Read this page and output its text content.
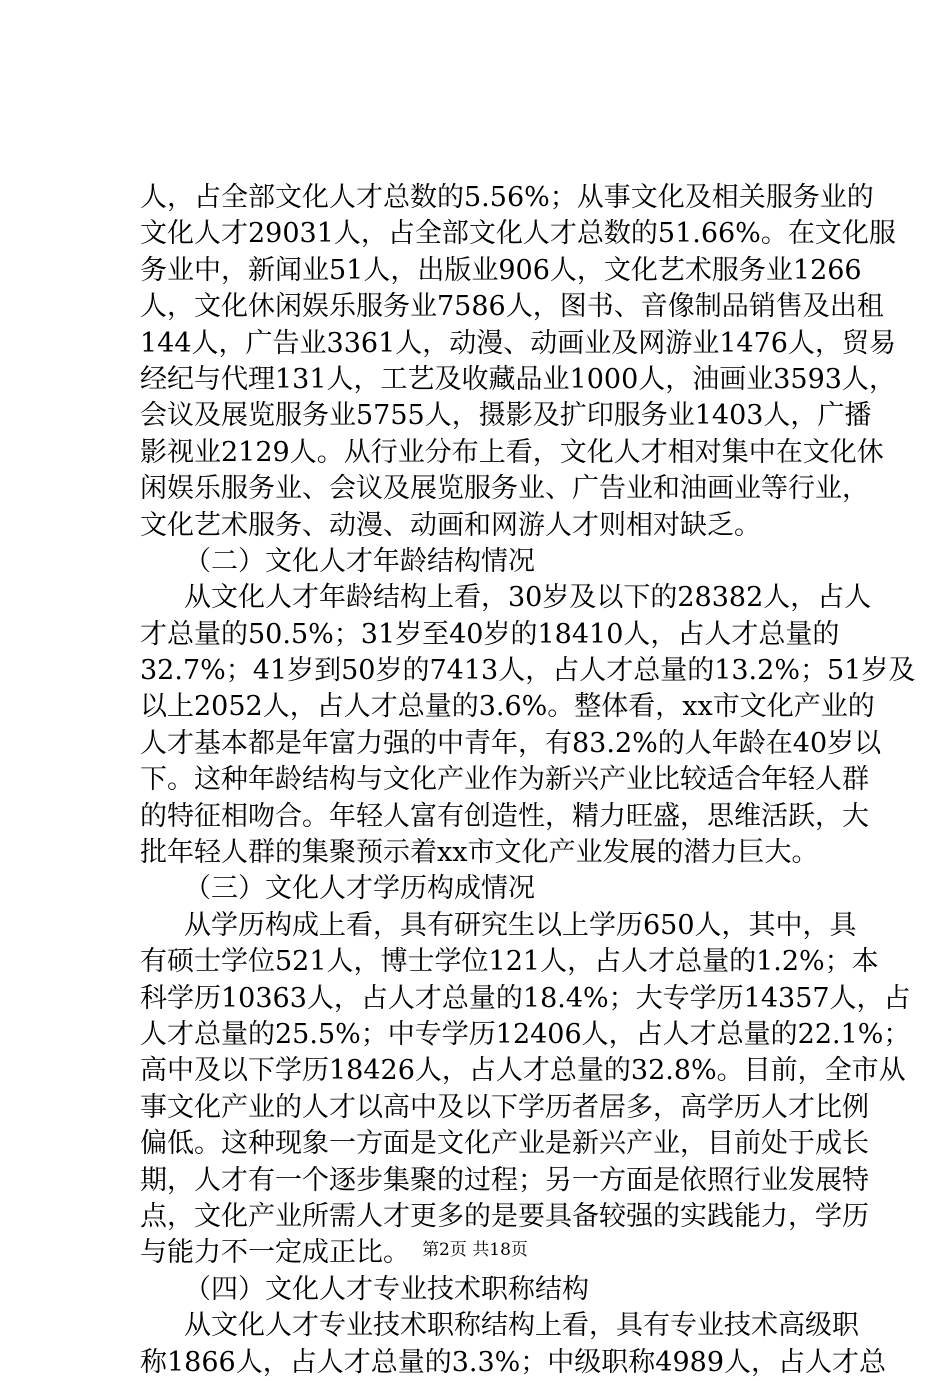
人，占全部文化人才总数的5.56%；从事文化及相关服务业的
文化人才29031人，占全部文化人才总数的51.66%。在文化服
务业中，新闻业51人，出版业906人，文化艺术服务业1266
人，文化休闲娱乐服务业7586人，图书、音像制品销售及出租
144人，广告业3361人，动漫、动画业及网游业1476人，贸易
经纪与代理131人，工艺及收藏品业1000人，油画业3593人，
会议及展览服务业5755人，摄影及扩印服务业1403人，广播
影视业2129人。从行业分布上看，文化人才相对集中在文化休
闲娱乐服务业、会议及展览服务业、广告业和油画业等行业，
文化艺术服务、动漫、动画和网游人才则相对缺乏。
（二）文化人才年龄结构情况
从文化人才年龄结构上看，30岁及以下的28382人，占人
才总量的50.5%；31岁至40岁的18410人，占人才总量的
32.7%；41岁到50岁的7413人，占人才总量的13.2%；51岁及
以上2052人，占人才总量的3.6%。整体看，xx市文化产业的
人才基本都是年富力强的中青年，有83.2%的人年龄在40岁以
下。这种年龄结构与文化产业作为新兴产业比较适合年轻人群
的特征相吻合。年轻人富有创造性，精力旺盛，思维活跃，大
批年轻人群的集聚预示着xx市文化产业发展的潜力巨大。
（三）文化人才学历构成情况
从学历构成上看，具有研究生以上学历650人，其中，具
有硕士学位521人，博士学位121人，占人才总量的1.2%；本
科学历10363人，占人才总量的18.4%；大专学历14357人，占
人才总量的25.5%；中专学历12406人，占人才总量的22.1%；
高中及以下学历18426人，占人才总量的32.8%。目前，全市从
事文化产业的人才以高中及以下学历者居多，高学历人才比例
偏低。这种现象一方面是文化产业是新兴产业，目前处于成长
期，人才有一个逐步集聚的过程；另一方面是依照行业发展特
点，文化产业所需人才更多的是要具备较强的实践能力，学历
与能力不一定成正比。
（四）文化人才专业技术职称结构
从文化人才专业技术职称结构上看，具有专业技术高级职
称1866人，占人才总量的3.3%；中级职称4989人，占人才总
第2页 共18页
